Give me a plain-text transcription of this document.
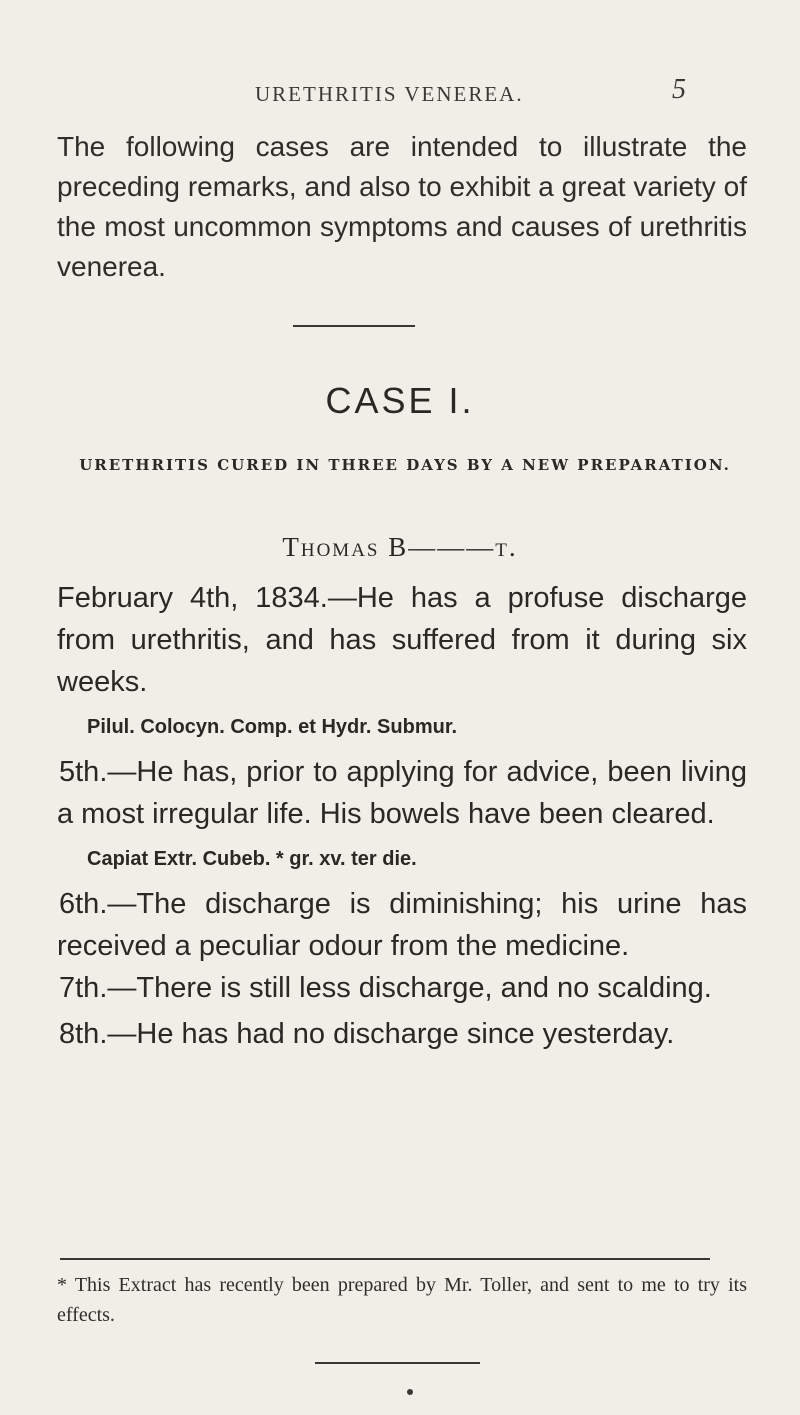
URETHRITIS VENEREA.	5

The following cases are intended to illustrate the preceding remarks, and also to exhibit a great variety of the most uncommon symptoms and causes of urethritis venerea.

CASE I.
URETHRITIS CURED IN THREE DAYS BY A NEW PREPARATION.
Thomas B———t.

February 4th, 1834.—He has a profuse discharge from urethritis, and has suffered from it during six weeks.

Pilul. Colocyn. Comp. et Hydr. Submur.

5th.—He has, prior to applying for advice, been living a most irregular life. His bowels have been cleared.

Capiat Extr. Cubeb. * gr. xv. ter die.

6th.—The discharge is diminishing; his urine has received a peculiar odour from the medicine.

7th.—There is still less discharge, and no scalding.

8th.—He has had no discharge since yesterday.

* This Extract has recently been prepared by Mr. Toller, and sent to me to try its effects.
